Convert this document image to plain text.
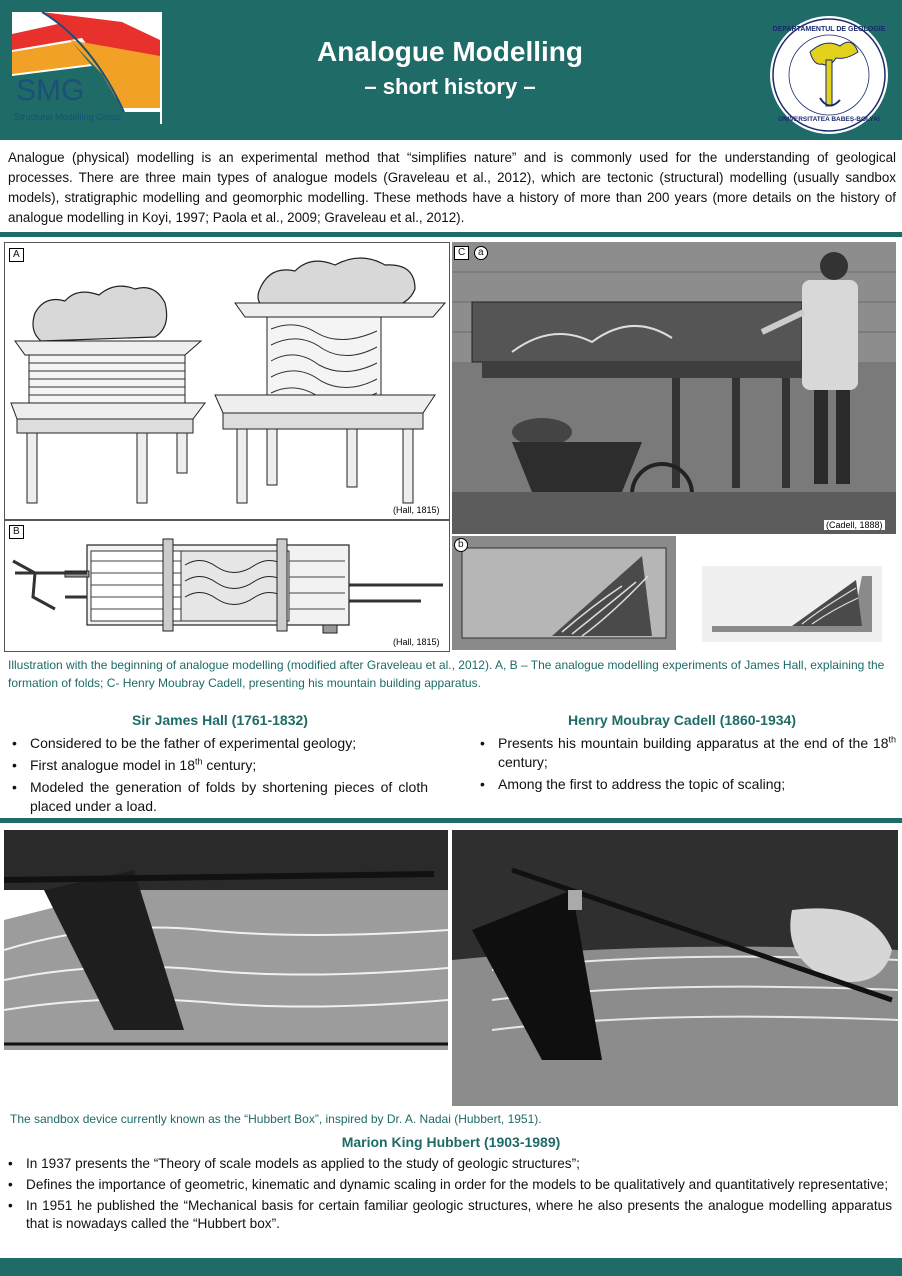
SMG
Structural Modelling Group
Analogue Modelling
– short history –
DEPARTAMENTUL DE GEOLOGIE
UNIVERSITATEA BABEȘ-BOLYAI
Analogue (physical) modelling is an experimental method that “simplifies nature” and is commonly used for the understanding of geological processes. There are three main types of analogue models (Graveleau et al., 2012), which are tectonic (structural) modelling (usually sandbox models), stratigraphic modelling and geomorphic modelling. These methods have a history of more than 200 years (more details on the history of analogue modelling in Koyi, 1997; Paola et al., 2009; Graveleau et al., 2012).
A
(Hall, 1815)
B
(Hall, 1815)
C	a
(Cadell, 1888)
b
Illustration with the beginning of analogue modelling (modified after Graveleau et al., 2012). A, B – The analogue modelling experiments of James Hall, explaining the formation of folds; C- Henry Moubray Cadell, presenting his mountain building apparatus.
Sir James Hall (1761-1832)
• Considered to be the father of experimental geology;
• First analogue model in 18th century;
• Modeled the generation of folds by shortening pieces of cloth placed under a load.
Henry Moubray Cadell (1860-1934)
• Presents his mountain building apparatus at the end of the 18th century;
• Among the first to address the topic of scaling;
The sandbox device currently known as the “Hubbert Box”, inspired by Dr. A. Nadai (Hubbert, 1951).
Marion King Hubbert (1903-1989)
• In 1937 presents the “Theory of scale models as applied to the study of geologic structures”;
• Defines the importance of geometric, kinematic and dynamic scaling in order for the models to be qualitatively and quantitatively representative;
• In 1951 he published the “Mechanical basis for certain familiar geologic structures, where he also presents the analogue modelling apparatus that is nowadays called the “Hubbert box”.
